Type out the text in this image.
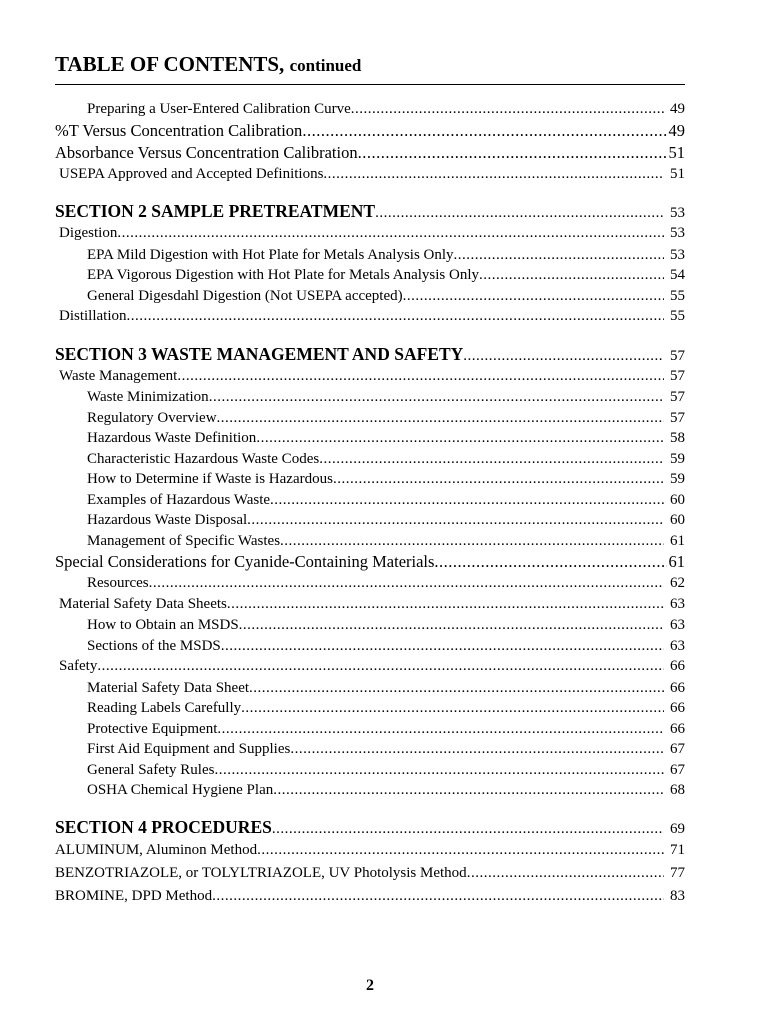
TABLE OF CONTENTS, continued
Preparing a User-Entered Calibration Curve .....	49
%T Versus Concentration Calibration .....	49
Absorbance Versus Concentration Calibration .....	51
USEPA Approved and Accepted Definitions .....	51
SECTION 2 SAMPLE PRETREATMENT .....	53
Digestion .....	53
EPA Mild Digestion with Hot Plate for Metals Analysis Only .....	53
EPA Vigorous Digestion with Hot Plate for Metals Analysis Only .....	54
General Digesdahl Digestion (Not USEPA accepted) .....	55
Distillation .....	55
SECTION 3 WASTE MANAGEMENT AND SAFETY .....	57
Waste Management .....	57
Waste Minimization .....	57
Regulatory Overview .....	57
Hazardous Waste Definition .....	58
Characteristic Hazardous Waste Codes .....	59
How to Determine if Waste is Hazardous .....	59
Examples of Hazardous Waste .....	60
Hazardous Waste Disposal .....	60
Management of Specific Wastes .....	61
Special Considerations for Cyanide-Containing Materials .....	61
Resources .....	62
Material Safety Data Sheets .....	63
How to Obtain an MSDS .....	63
Sections of the MSDS .....	63
Safety .....	66
Material Safety Data Sheet .....	66
Reading Labels Carefully .....	66
Protective Equipment .....	66
First Aid Equipment and Supplies .....	67
General Safety Rules .....	67
OSHA Chemical Hygiene Plan .....	68
SECTION 4 PROCEDURES .....	69
ALUMINUM, Aluminon Method .....	71
BENZOTRIAZOLE, or TOLYLTRIAZOLE, UV Photolysis Method .....	77
BROMINE, DPD Method .....	83
2
